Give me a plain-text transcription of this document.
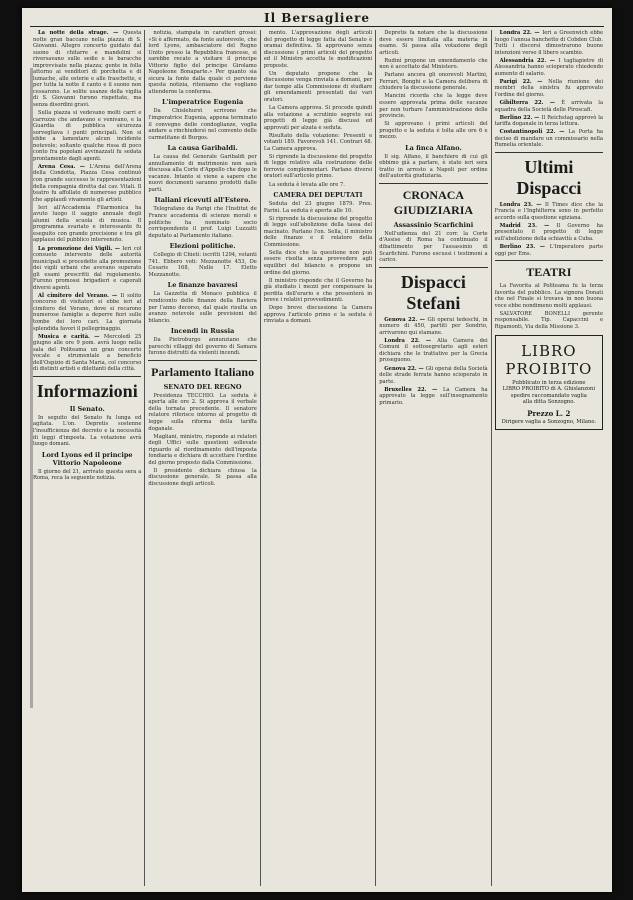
Il Bersagliere

La notte della strage. — Questa notte gran baccano nella piazza di S. Giovanni. Allegro concerto guidato dal suono di chitarre e mandolini si riversavano sulle sedie e le baracche improvvisate nella piazza; gente in folla attorno ai venditori di porchetta e di lumache, alle osterie e alle fraschette, e per tutta la notte il canto e il suono non cessarono. Le solite usanze della vigilia di S. Giovanni furono rispettate, ma senza disordini gravi.

Sulla piazza si vedevano molti carri e carrozze che andavano e venivano, e la Guardia di pubblica sicurezza sorvegliava i punti principali. Non si ebbe a lamentare alcun incidente notevole; soltanto qualche rissa di poco conto fra popolani avvinazzati fu sedata prontamente dagli agenti.

Arena Cesa. — L'Arena dell'Arena della Condotta, Piazza Cesa continuò con grande successo le rappresentazioni della compagnia diretta dal cav. Vitali. Il teatro fu affollato di numeroso pubblico che applaudì vivamente gli artisti.

Ieri all'Accademia Filarmonica ha avuto luogo il saggio annuale degli alunni della scuola di musica. Il programma svariato e interessante fu eseguito con grande precisione e tra gli applausi del pubblico intervenuto.

La promozione dei Vigili. — Ieri col consueto intervento delle autorità municipali si procedette alla promozione dei vigili urbani che avevano superato gli esami prescritti dal regolamento. Furono promossi brigadieri e caporali diversi agenti.

Al cimitero del Verano. — Il solito concorso di visitatori si ebbe ieri al cimitero del Verano, dove si recarono numerose famiglie a deporre fiori sulle tombe dei loro cari. La giornata splendida favorì il pellegrinaggio.

Musica e carità. — Mercoledì 25 giugno alle ore 9 pom. avrà luogo nella sala del Politeama un gran concerto vocale e strumentale a beneficio dell'Ospizio di Santa Maria, col concorso di distinti artisti e dilettanti della città.

Informazioni
Il Senato.

In seguito del Senato fu lunga ed agitata. L'on. Depretis sostenne l'insufficienza del decreto e la necessità di leggi d'imposta. La votazione avrà luogo domani.

Lord Lyons ed il principe Vittorio Napoleone

Il giorno del 21, arrivato questa sera a Roma, reca la seguente notizia.

notizia, stampata in caratteri grossi: «Si è affermato, da fonte autorevole, che lord Lyons, ambasciatore del Regno Unito presso la Repubblica francese, si sarebbe recato a visitare il principe Vittorio figlio del principe Girolamo Napoleone Bonaparte.» Per quanto sia sicura la fonte dalla quale ci perviene questa notizia, riteniamo che vogliano attenderne la conferma.

L'imperatrice Eugenia

Da Chislehurst scrivono che l'imperatrice Eugenia, appena terminato il convegno delle condoglianze, voglia andare a rinchiudersi nel convento delle carmelitane di Burgos.

La causa Garibaldi.

La causa del Generale Garibaldi per annullamento di matrimonio non sarà discussa alla Corte d'Appello che dopo le vacanze. Intanto si viene a sapere che nuovi documenti saranno prodotti dalle parti.

Italiani ricevuti all'Estero.

Telegrafano da Parigi che l'Institut de France accademia di scienze morali e politiche ha nominato socio corrispondente il prof. Luigi Luzzatti deputato al Parlamento italiano.

Elezioni politiche.

Collegio di Chieti: iscritti 1294, votanti 741. Ebbero voti: Mezzanotte 453, De Cesaris 168, Nulle 17. Eletto Mezzanotte.

Le finanze bavaresi

La Gazzetta di Monaco pubblica il rendiconto delle finanze della Baviera per l'anno decorso, dal quale risulta un avanzo notevole sulle previsioni del bilancio.

Incendi in Russia

Da Pietroburgo annunziano che parecchi villaggi del governo di Samara furono distrutti da violenti incendi.

Parlamento Italiano
SENATO DEL REGNO

Presidenza TECCHIO. La seduta è aperta alle ore 2. Si approva il verbale della tornata precedente. Il senatore relatore riferisce intorno al progetto di legge sulla riforma della tariffa doganale.

Magliani, ministro, risponde ai relatori degli Uffici sulle questioni sollevate riguardo al riordinamento dell'imposta fondiaria e dichiara di accettare l'ordine del giorno proposto dalla Commissione.

Il presidente dichiara chiusa la discussione generale. Si passa alla discussione degli articoli.

mento. L'approvazione degli articoli del progetto di legge fatta dal Senato è oramai definitiva. Si approvano senza discussione i primi articoli del progetto ed il Ministro accetta le modificazioni proposte.

Un deputato propone che la discussione venga rinviata a domani, per dar tempo alla Commissione di studiare gli emendamenti presentati dai vari oratori.

La Camera approva. Si procede quindi alla votazione a scrutinio segreto sui progetti di legge già discussi ed approvati per alzata e seduta.

Risultato della votazione: Presenti e votanti 189. Favorevoli 141. Contrari 48. La Camera approva.

Si riprende la discussione del progetto di legge relativo alla costruzione delle ferrovie complementari. Parlano diversi oratori sull'articolo primo.

La seduta è levata alle ore 7.

CAMERA DEI DEPUTATI

Seduta del 23 giugno 1879. Pres. Farini. La seduta è aperta alle 10.

Si riprende la discussione del progetto di legge sull'abolizione della tassa del macinato. Parlano l'on. Sella, il ministro delle finanze e il relatore della Commissione.

Sella dice che la questione non può essere risolta senza provvedere agli equilibri del bilancio e propone un ordine del giorno.

Il ministro risponde che il Governo ha già studiato i mezzi per compensare la perdita dell'erario e che presenterà in breve i relativi provvedimenti.

Dopo breve discussione la Camera approva l'articolo primo e la seduta è rinviata a domani.

Depretis fa notare che la discussione deve essere limitata alla materia in esame. Si passa alla votazione degli articoli.

Rudinì propone un emendamento che non è accettato dal Ministero.

Parlano ancora gli onorevoli Martini, Ferrari, Bonghi e la Camera delibera di chiudere la discussione generale.

Mancini ricorda che la legge deve essere approvata prima delle vacanze per non turbare l'amministrazione delle provincie.

Si approvano i primi articoli del progetto e la seduta è tolta alle ore 6 e mezzo.

La finca Alfano.

Il sig. Alfano, il banchiere di cui gli ebbimo già a parlare, è stato ieri sera tratto in arresto a Napoli per ordine dell'autorità giudiziaria.

CRONACA GIUDIZIARIA
Assassinio Scarfichini

Nell'udienza del 21 corr. la Corte d'Assise di Roma ha continuato il dibattimento per l'assassinio di Scarfichini. Furono escussi i testimoni a carico.

Dispacci Stefani

Genova 22. — Gli operai tedeschi, in numero di 450, partiti per Sondrio, arrivarono qui stamane.

Londra 22. — Alla Camera dei Comuni il sottosegretario agli esteri dichiara che le trattative per la Grecia proseguono.

Genova 22. — Gli operai della Società delle strade ferrate hanno scioperato in parte.

Bruxelles 22. — La Camera ha approvato la legge sull'insegnamento primario.

Londra 22. — Ieri a Greenwich ebbe luogo l'annua banchetto di Cobden Club. Tutti i discorsi dimostrarono buone intenzioni verso il libero scambio.

Alessandria 22. — I tagliapietre di Alessandria hanno scioperato chiedendo aumento di salario.

Parigi 22. — Nella riunione dei membri della sinistra fu approvato l'ordine del giorno.

Gibilterra 22. — È arrivata la squadra della Società delle Piroscafi.

Berlino 22. — Il Reichstag approvò la tariffa doganale in terza lettura.

Costantinopoli 22. — La Porta ha deciso di mandare un commissario nella Rumelia orientale.

Ultimi Dispacci

Londra 23. — Il Times dice che la Francia e l'Inghilterra sono in perfetto accordo sulla questione egiziana.

Madrid 23. — Il Governo ha presentato il progetto di legge sull'abolizione della schiavitù a Cuba.

Berlino 23. — L'Imperatore parte oggi per Ems.

TEATRI

La Favorita al Politeama fu la terza favorita del pubblico. La signora Donati che nel Finale si trovava in non buona voce ebbe nondimeno molti applausi.

SALVATORE BONELLI gerente responsabile. Tip. Capaccini e Ripamonti, Via della Missione 3.

LIBRO PROIBITO
Pubblicato in terza edizione
LIBRO PROIBITO di A. Ghislanzoni
spedire raccomandato vaglia
alla ditta Sonzogno.
Prezzo L. 2
Dirigere vaglia a Sonzogno, Milano.
